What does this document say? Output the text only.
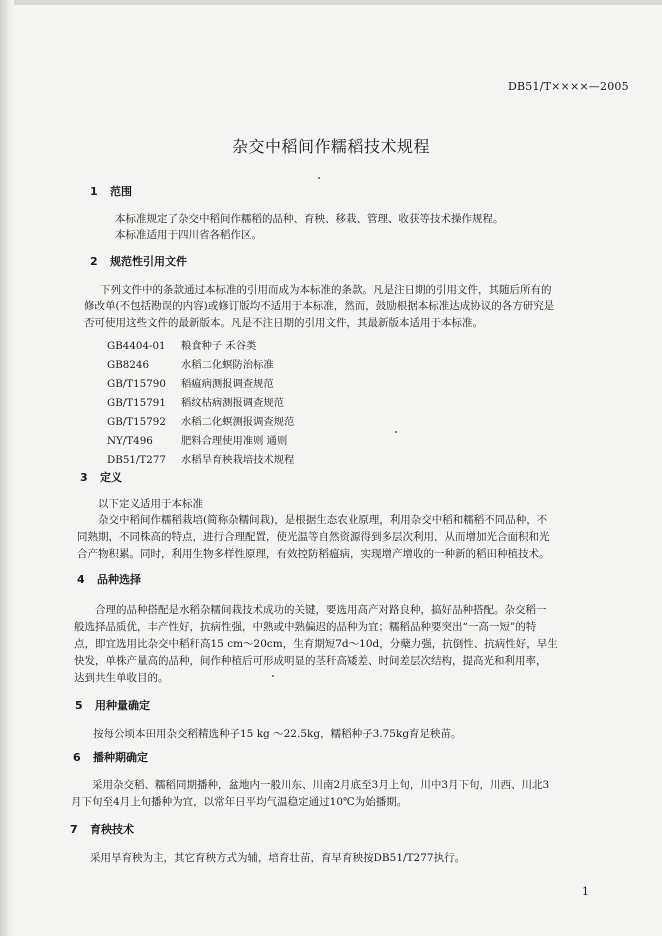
DB51/T××××—2005
杂交中稻间作糯稻技术规程
1 范围
本标准规定了杂交中稻间作糯稻的品种、育秧、移栽、管理、收获等技术操作规程。
本标准适用于四川省各稻作区。
2 规范性引用文件
下列文件中的条款通过本标准的引用而成为本标准的条款。凡是注日期的引用文件，其随后所有的
修改单(不包括勘误的内容)或修订版均不适用于本标准，然而，鼓励根据本标准达成协议的各方研究是
否可使用这些文件的最新版本。凡是不注日期的引用文件，其最新版本适用于本标准。
GB4404-01 粮食种子 禾谷类
GB8246	水稻二化螟防治标准
GB/T15790 稻瘟病测报调查规范
GB/T15791 稻纹枯病测报调查规范
GB/T15792 水稻二化螟测报调查规范
NY/T496	肥料合理使用准则 通则
DB51/T277 水稻旱育秧栽培技术规程
3 定义
以下定义适用于本标准
杂交中稻间作糯稻栽培(简称杂糯间栽)，是根据生态农业原理，利用杂交中稻和糯稻不同品种，不
同熟期，不同株高的特点，进行合理配置，使光温等自然资源得到多层次利用，从而增加光合面积和光
合产物积累。同时，利用生物多样性原理，有效控防稻瘟病，实现增产增收的一种新的稻田种植技术。
4 品种选择
合理的品种搭配是水稻杂糯间栽技术成功的关键，要选用高产对路良种，搞好品种搭配。杂交稻一
般选择品质优，丰产性好，抗病性强，中熟或中熟偏迟的品种为宜；糯稻品种要突出“一高一短”的特
点，即宜选用比杂交中稻秆高15 cm～20cm，生育期短7d～10d，分蘖力强，抗倒性、抗病性好，早生
快发，单株产量高的品种，间作种植后可形成明显的茎秆高矮差、时间差层次结构，提高光和利用率，
达到共生单收目的。
5 用种量确定
按每公顷本田用杂交稻精选种子15 kg ～22.5kg，糯稻种子3.75kg育足秧苗。
6 播种期确定
采用杂交稻、糯稻同期播种，盆地内一般川东、川南2月底至3月上旬，川中3月下旬，川西、川北3
月下旬至4月上旬播种为宜，以常年日平均气温稳定通过10℃为始播期。
7 育秧技术
采用旱育秧为主，其它育秧方式为辅，培育壮苗，育早育秧按DB51/T277执行。
1
